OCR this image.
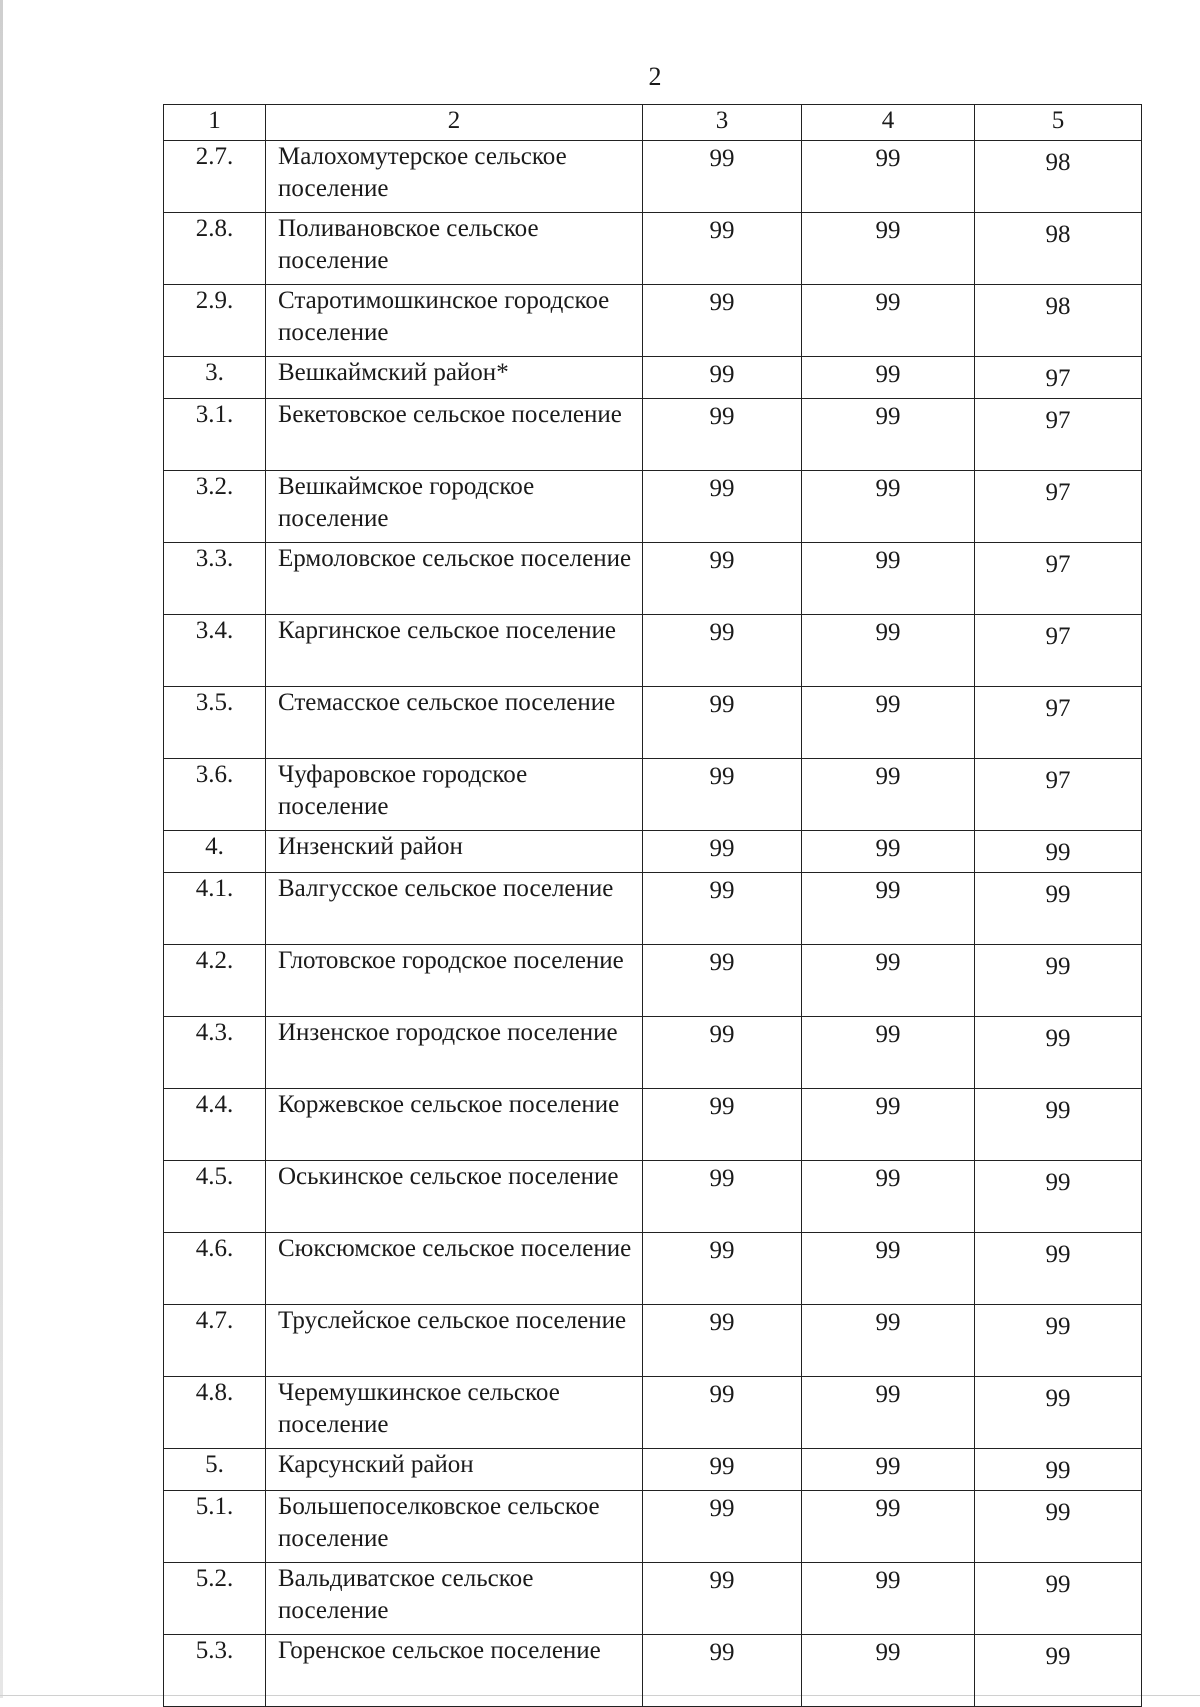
2
1	2	3	4	5
2.7.	Малохомутерское сельское поселение	99	99	98
2.8.	Поливановское сельское поселение	99	99	98
2.9.	Старотимошкинское городское поселение	99	99	98
3.	Вешкаймский район*	99	99	97
3.1.	Бекетовское сельское поселение	99	99	97
3.2.	Вешкаймское городское поселение	99	99	97
3.3.	Ермоловское сельское поселение	99	99	97
3.4.	Каргинское сельское поселение	99	99	97
3.5.	Стемасское сельское поселение	99	99	97
3.6.	Чуфаровское городское поселение	99	99	97
4.	Инзенский район	99	99	99
4.1.	Валгусское сельское поселение	99	99	99
4.2.	Глотовское городское поселение	99	99	99
4.3.	Инзенское городское поселение	99	99	99
4.4.	Коржевское сельское поселение	99	99	99
4.5.	Оськинское сельское поселение	99	99	99
4.6.	Сюксюмское сельское поселение	99	99	99
4.7.	Труслейское сельское поселение	99	99	99
4.8.	Черемушкинское сельское поселение	99	99	99
5.	Карсунский район	99	99	99
5.1.	Большепоселковское сельское поселение	99	99	99
5.2.	Вальдиватское сельское поселение	99	99	99
5.3.	Горенское сельское поселение	99	99	99
